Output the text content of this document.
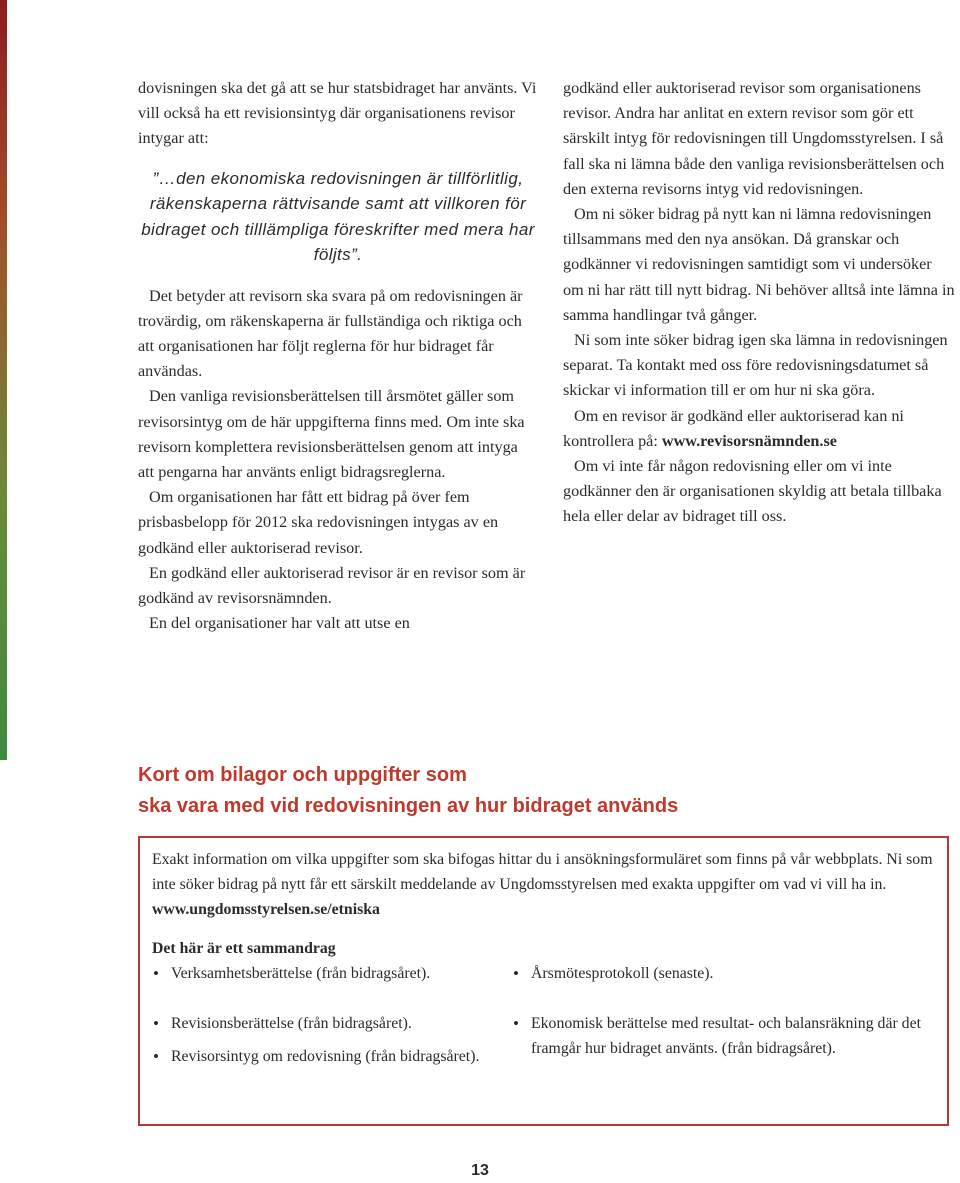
dovisningen ska det gå att se hur statsbidraget har använts. Vi vill också ha ett revisionsintyg där organisationens revisor intygar att:

”…den ekonomiska redovisningen är tillförlitlig, räkenskaperna rättvisande samt att villkoren för bidraget och tilllämpliga föreskrifter med mera har följts”.

Det betyder att revisorn ska svara på om redovisningen är trovärdig, om räkenskaperna är fullständiga och riktiga och att organisationen har följt reglerna för hur bidraget får användas.

Den vanliga revisionsberättelsen till årsmötet gäller som revisorsintyg om de här uppgifterna finns med. Om inte ska revisorn komplettera revisionsberättelsen genom att intyga att pengarna har använts enligt bidragsreglerna.

Om organisationen har fått ett bidrag på över fem prisbasbelopp för 2012 ska redovisningen intygas av en godkänd eller auktoriserad revisor.

En godkänd eller auktoriserad revisor är en revisor som är godkänd av revisorsnämnden.

En del organisationer har valt att utse en

godkänd eller auktoriserad revisor som organisationens revisor. Andra har anlitat en extern revisor som gör ett särskilt intyg för redovisningen till Ungdomsstyrelsen. I så fall ska ni lämna både den vanliga revisionsberättelsen och den externa revisorns intyg vid redovisningen.

Om ni söker bidrag på nytt kan ni lämna redovisningen tillsammans med den nya ansökan. Då granskar och godkänner vi redovisningen samtidigt som vi undersöker om ni har rätt till nytt bidrag. Ni behöver alltså inte lämna in samma handlingar två gånger.

Ni som inte söker bidrag igen ska lämna in redovisningen separat. Ta kontakt med oss före redovisningsdatumet så skickar vi information till er om hur ni ska göra.

Om en revisor är godkänd eller auktoriserad kan ni kontrollera på: www.revisorsnämnden.se

Om vi inte får någon redovisning eller om vi inte godkänner den är organisationen skyldig att betala tillbaka hela eller delar av bidraget till oss.

Kort om bilagor och uppgifter som
ska vara med vid redovisningen av hur bidraget används

Exakt information om vilka uppgifter som ska bifogas hittar du i ansökningsformuläret som finns på vår webbplats. Ni som inte söker bidrag på nytt får ett särskilt meddelande av Ungdomsstyrelsen med exakta uppgifter om vad vi vill ha in. www.ungdomsstyrelsen.se/etniska

Det här är ett sammandrag
• Verksamhetsberättelse (från bidragsåret).
• Revisionsberättelse (från bidragsåret).
• Revisorsintyg om redovisning (från bidragsåret).
• Årsmötesprotokoll (senaste).
• Ekonomisk berättelse med resultat- och balansräkning där det framgår hur bidraget använts. (från bidragsåret).
13
